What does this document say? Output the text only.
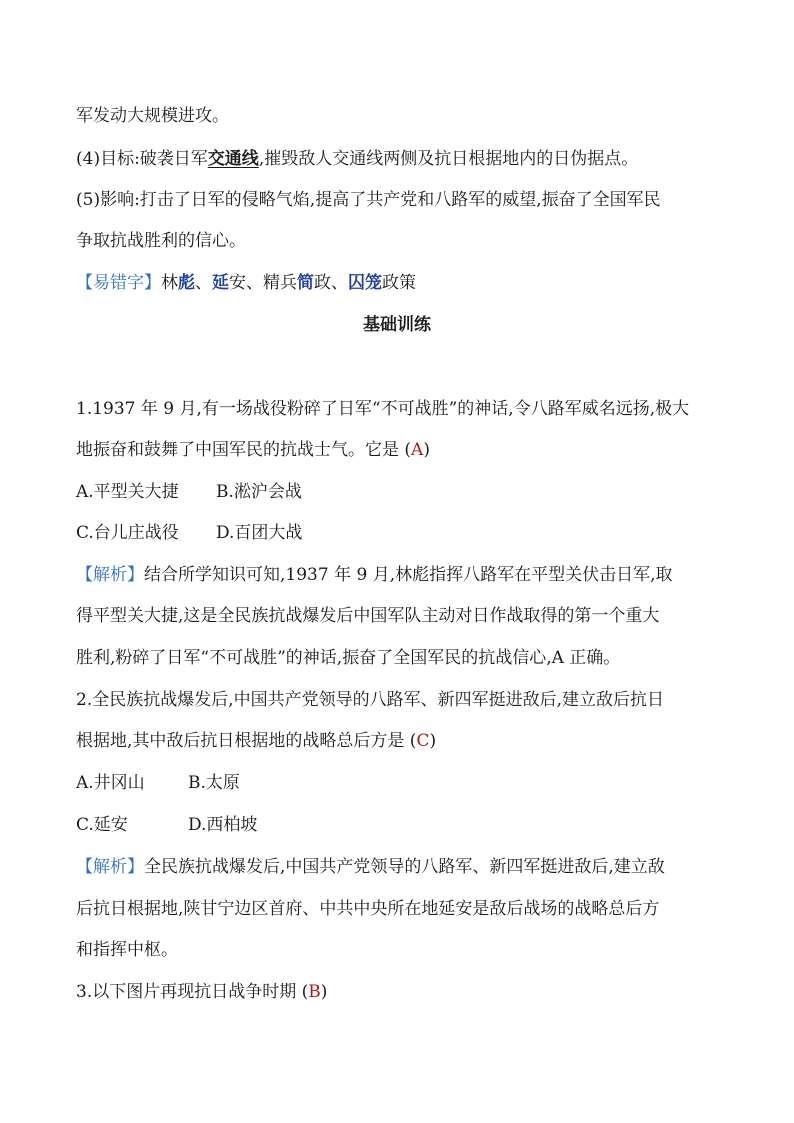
军发动大规模进攻。
(4)目标:破袭日军交通线,摧毁敌人交通线两侧及抗日根据地内的日伪据点。
(5)影响:打击了日军的侵略气焰,提高了共产党和八路军的威望,振奋了全国军民
争取抗战胜利的信心。
【易错字】林彪、延安、精兵简政、囚笼政策
基础训练
1.1937 年 9 月,有一场战役粉碎了日军“不可战胜”的神话,令八路军威名远扬,极大
地振奋和鼓舞了中国军民的抗战士气。它是 (A)
A.平型关大捷 B.淞沪会战
C.台儿庄战役 D.百团大战
【解析】结合所学知识可知,1937 年 9 月,林彪指挥八路军在平型关伏击日军,取
得平型关大捷,这是全民族抗战爆发后中国军队主动对日作战取得的第一个重大
胜利,粉碎了日军“不可战胜”的神话,振奋了全国军民的抗战信心,A 正确。
2.全民族抗战爆发后,中国共产党领导的八路军、新四军挺进敌后,建立敌后抗日
根据地,其中敌后抗日根据地的战略总后方是 (C)
A.井冈山	B.太原
C.延安	D.西柏坡
【解析】全民族抗战爆发后,中国共产党领导的八路军、新四军挺进敌后,建立敌
后抗日根据地,陕甘宁边区首府、中共中央所在地延安是敌后战场的战略总后方
和指挥中枢。
3.以下图片再现抗日战争时期 (B)
